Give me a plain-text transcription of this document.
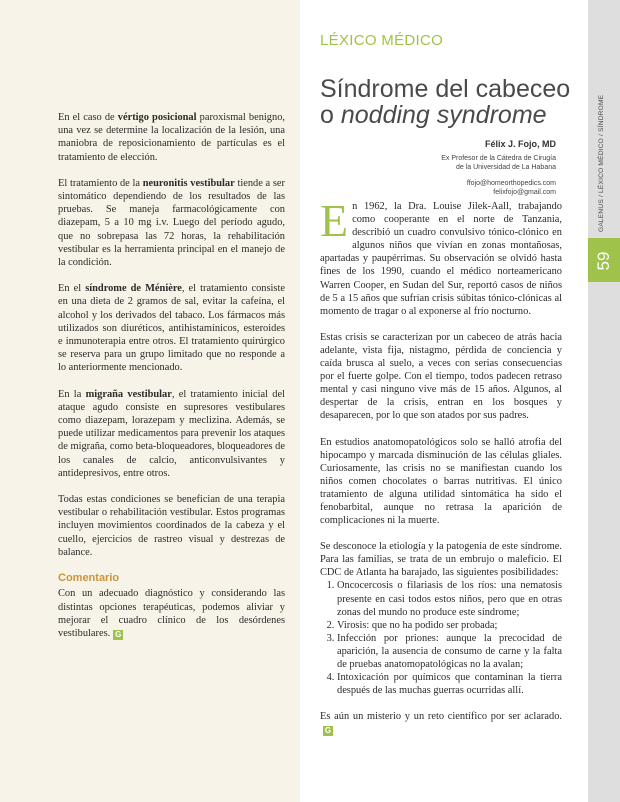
En el caso de vértigo posicional paroxismal benigno, una vez se determine la localización de la lesión, una maniobra de reposicionamiento de partículas es el tratamiento de elección.

El tratamiento de la neuronitis vestibular tiende a ser sintomático dependiendo de los resultados de las pruebas. Se maneja farmacológicamente con diazepam, 5 a 10 mg i.v. Luego del período agudo, que no sobrepasa las 72 horas, la rehabilitación vestibular es la herramienta principal en el manejo de la condición.

En el síndrome de Ménière, el tratamiento consiste en una dieta de 2 gramos de sal, evitar la cafeína, el alcohol y los derivados del tabaco. Los fármacos más utilizados son diuréticos, antihistamínicos, esteroides e inmunoterapia entre otros. El tratamiento quirúrgico se reserva para un grupo limitado que no responde a lo anteriormente mencionado.

En la migraña vestibular, el tratamiento inicial del ataque agudo consiste en supresores vestibulares como diazepam, lorazepam y meclizina. Además, se puede utilizar medicamentos para prevenir los ataques de migraña, como beta-bloqueadores, bloqueadores de los canales de calcio, anticonvulsivantes y antidepresivos, entre otros.

Todas estas condiciones se benefician de una terapia vestibular o rehabilitación vestibular. Estos programas incluyen movimientos coordinados de la cabeza y el cuello, ejercicios de rastreo visual y destrezas de balance.

Comentario

Con un adecuado diagnóstico y considerando las distintas opciones terapéuticas, podemos aliviar y mejorar el cuadro clínico de los desórdenes vestibulares. G

LÉXICO MÉDICO
Síndrome del cabeceo
o nodding syndrome
Félix J. Fojo, MD
Ex Profesor de la Cátedra de Cirugía
de la Universidad de La Habana
ffojo@homeorthopedics.com
felixfojo@gmail.com

En 1962, la Dra. Louise Jilek-Aall, trabajando como cooperante en el norte de Tanzania, describió un cuadro convulsivo tónico-clónico en algunos niños que vivían en zonas montañosas, apartadas y paupérrimas. Su observación se olvidó hasta fines de los 1990, cuando el médico norteamericano Warren Cooper, en Sudan del Sur, reportó casos de niños de 5 a 15 años que sufrían crisis súbitas tónico-clónicas al momento de tragar o al exponerse al frío nocturno.

Estas crisis se caracterizan por un cabeceo de atrás hacia adelante, vista fija, nistagmo, pérdida de conciencia y caída brusca al suelo, a veces con serias consecuencias por el fuerte golpe. Con el tiempo, todos padecen retraso mental y casi ninguno vive más de 15 años. Algunos, al despertar de la crisis, entran en los bosques y desaparecen, por lo que son atados por sus padres.

En estudios anatomopatológicos solo se halló atrofia del hipocampo y marcada disminución de las células gliales. Curiosamente, las crisis no se manifiestan cuando los niños comen chocolates o barras nutritivas. El único tratamiento de alguna utilidad sintomática ha sido el fenobarbital, aunque no retrasa la aparición de complicaciones ni la muerte.

Se desconoce la etiología y la patogenia de este síndrome. Para las familias, se trata de un embrujo o maleficio. El CDC de Atlanta ha barajado, las siguientes posibilidades:

1. Oncocercosis o filariasis de los ríos: una nematosis presente en casi todos estos niños, pero que en otras zonas del mundo no produce este síndrome;
2. Virosis: que no ha podido ser probada;
3. Infección por priones: aunque la precocidad de aparición, la ausencia de consumo de carne y la falta de pruebas anatomopatológicas no la avalan;
4. Intoxicación por químicos que contaminan la tierra después de las muchas guerras ocurridas allí.

Es aún un misterio y un reto científico por ser aclarado.G

59
GALENUS / LÉXICO MÉDICO / SÍNDROME
